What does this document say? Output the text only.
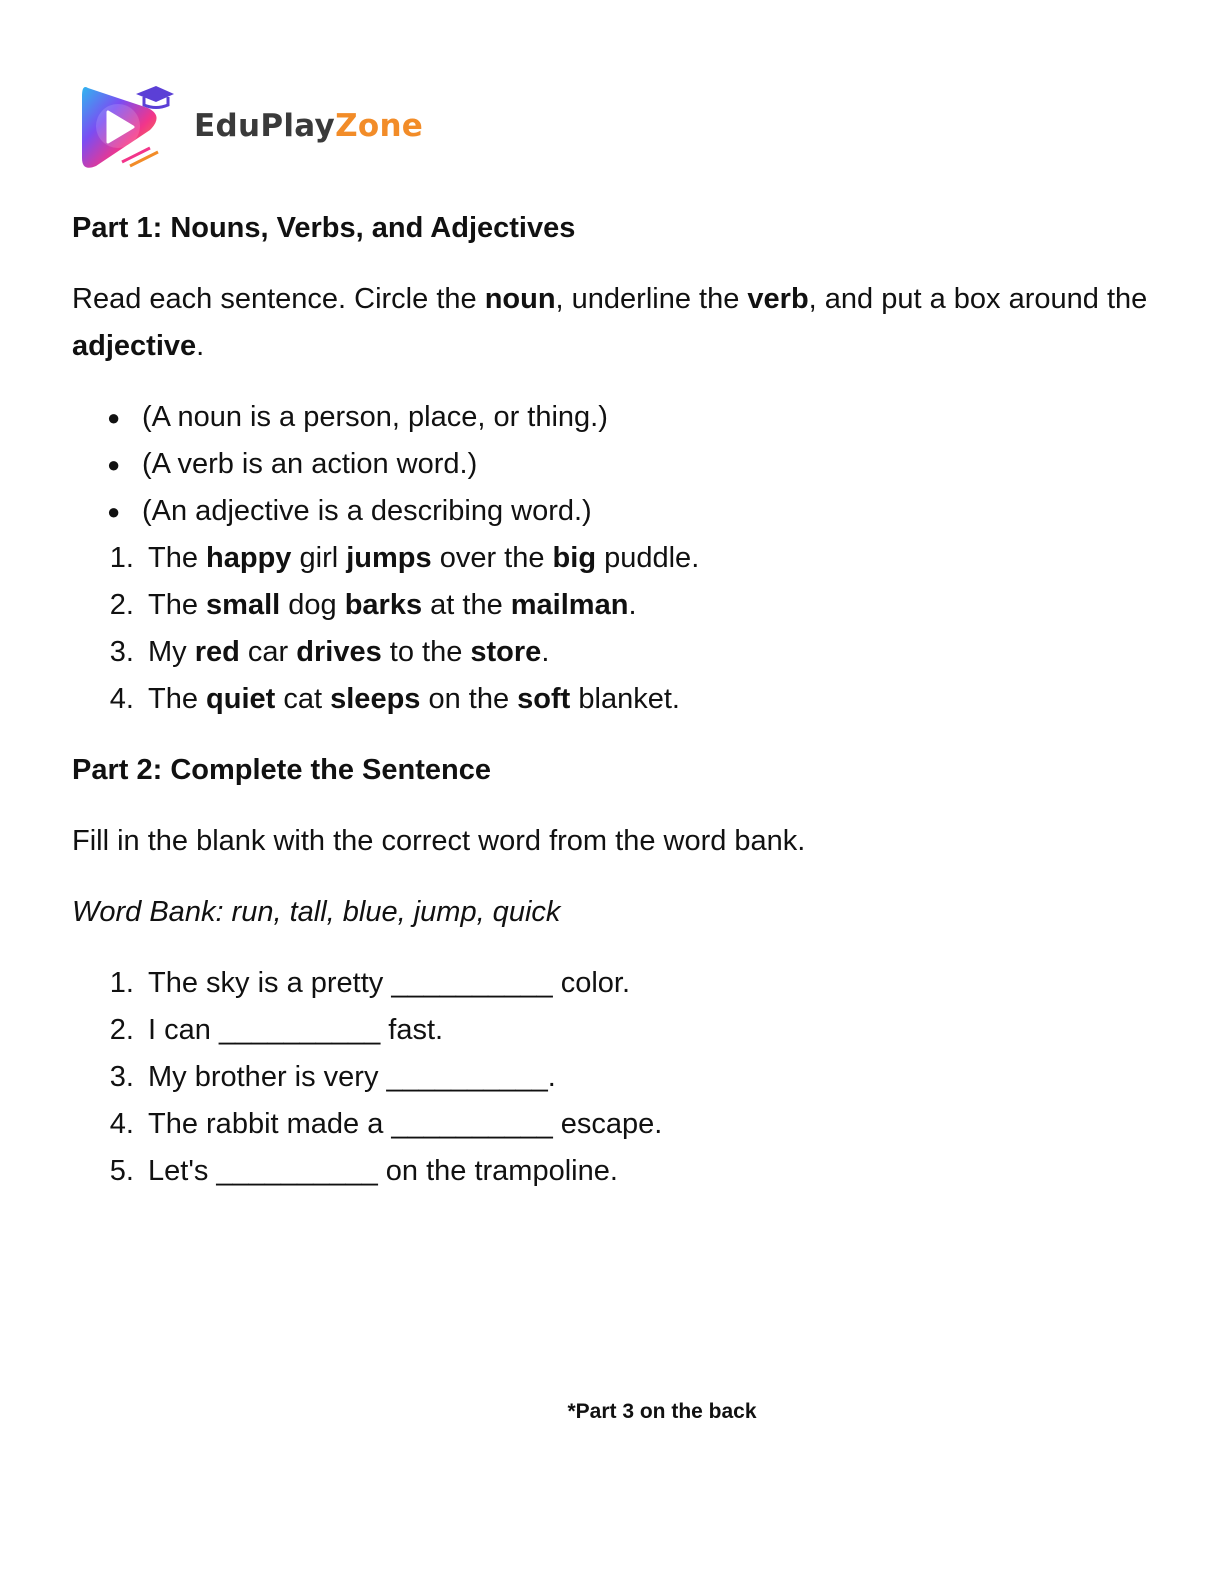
EduPlayZone
Part 1: Nouns, Verbs, and Adjectives

Read each sentence. Circle the noun, underline the verb, and put a box around the adjective.

● (A noun is a person, place, or thing.)
● (A verb is an action word.)
● (An adjective is a describing word.)
1. The happy girl jumps over the big puddle.
2. The small dog barks at the mailman.
3. My red car drives to the store.
4. The quiet cat sleeps on the soft blanket.
Part 2: Complete the Sentence

Fill in the blank with the correct word from the word bank.

Word Bank: run, tall, blue, jump, quick

1. The sky is a pretty __________ color.
2. I can __________ fast.
3. My brother is very __________.
4. The rabbit made a __________ escape.
5. Let's __________ on the trampoline.
*Part 3 on the back
